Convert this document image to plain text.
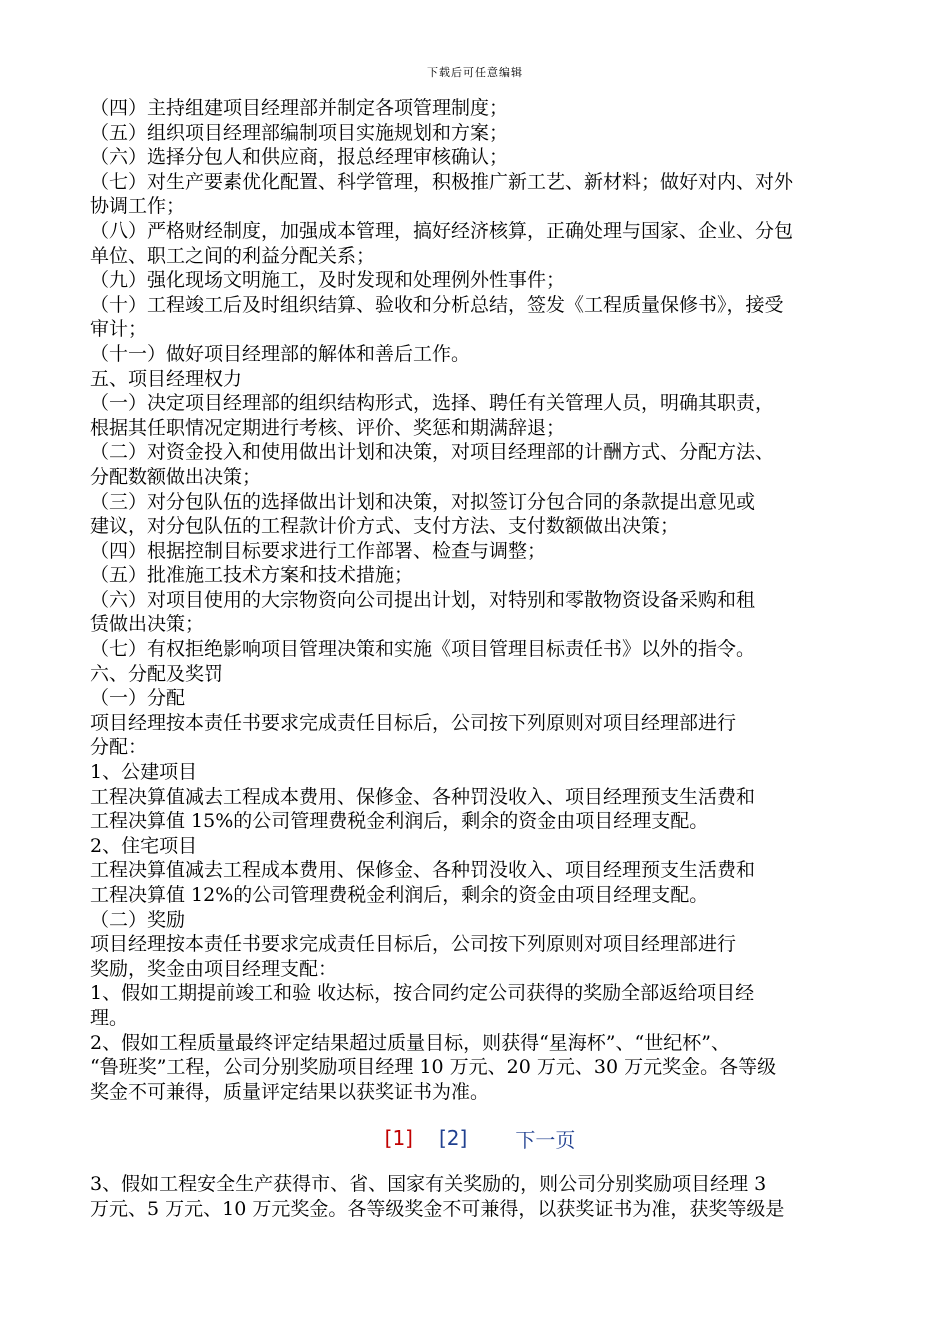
下载后可任意编辑

（四）主持组建项目经理部并制定各项管理制度；

（五）组织项目经理部编制项目实施规划和方案；

（六）选择分包人和供应商，报总经理审核确认；

（七）对生产要素优化配置、科学管理，积极推广新工艺、新材料；做好对内、对外

协调工作；

（八）严格财经制度，加强成本管理，搞好经济核算，正确处理与国家、企业、分包

单位、职工之间的利益分配关系；

（九）强化现场文明施工，及时发现和处理例外性事件；

（十）工程竣工后及时组织结算、验收和分析总结，签发《工程质量保修书》，接受

审计；

（十一）做好项目经理部的解体和善后工作。

五、项目经理权力

（一）决定项目经理部的组织结构形式，选择、聘任有关管理人员，明确其职责，

根据其任职情况定期进行考核、评价、奖惩和期满辞退；

（二）对资金投入和使用做出计划和决策，对项目经理部的计酬方式、分配方法、

分配数额做出决策；

（三）对分包队伍的选择做出计划和决策，对拟签订分包合同的条款提出意见或

建议，对分包队伍的工程款计价方式、支付方法、支付数额做出决策；

（四）根据控制目标要求进行工作部署、检查与调整；

（五）批准施工技术方案和技术措施；

（六）对项目使用的大宗物资向公司提出计划，对特别和零散物资设备采购和租

赁做出决策；

（七）有权拒绝影响项目管理决策和实施《项目管理目标责任书》以外的指令。

六、分配及奖罚

（一）分配

项目经理按本责任书要求完成责任目标后，公司按下列原则对项目经理部进行

分配：

1、公建项目

工程决算值减去工程成本费用、保修金、各种罚没收入、项目经理预支生活费和

工程决算值 15%的公司管理费税金利润后，剩余的资金由项目经理支配。

2、住宅项目

工程决算值减去工程成本费用、保修金、各种罚没收入、项目经理预支生活费和

工程决算值 12%的公司管理费税金利润后，剩余的资金由项目经理支配。

（二）奖励

项目经理按本责任书要求完成责任目标后，公司按下列原则对项目经理部进行

奖励，奖金由项目经理支配：

1、假如工期提前竣工和验 收达标，按合同约定公司获得的奖励全部返给项目经

理。

2、假如工程质量最终评定结果超过质量目标，则获得“星海杯”、“世纪杯”、

“鲁班奖”工程，公司分别奖励项目经理 10 万元、20 万元、30 万元奖金。各等级

奖金不可兼得，质量评定结果以获奖证书为准。

[1] [2] 下一页

3、假如工程安全生产获得市、省、国家有关奖励的，则公司分别奖励项目经理 3

万元、5 万元、10 万元奖金。各等级奖金不可兼得，以获奖证书为准，获奖等级是
